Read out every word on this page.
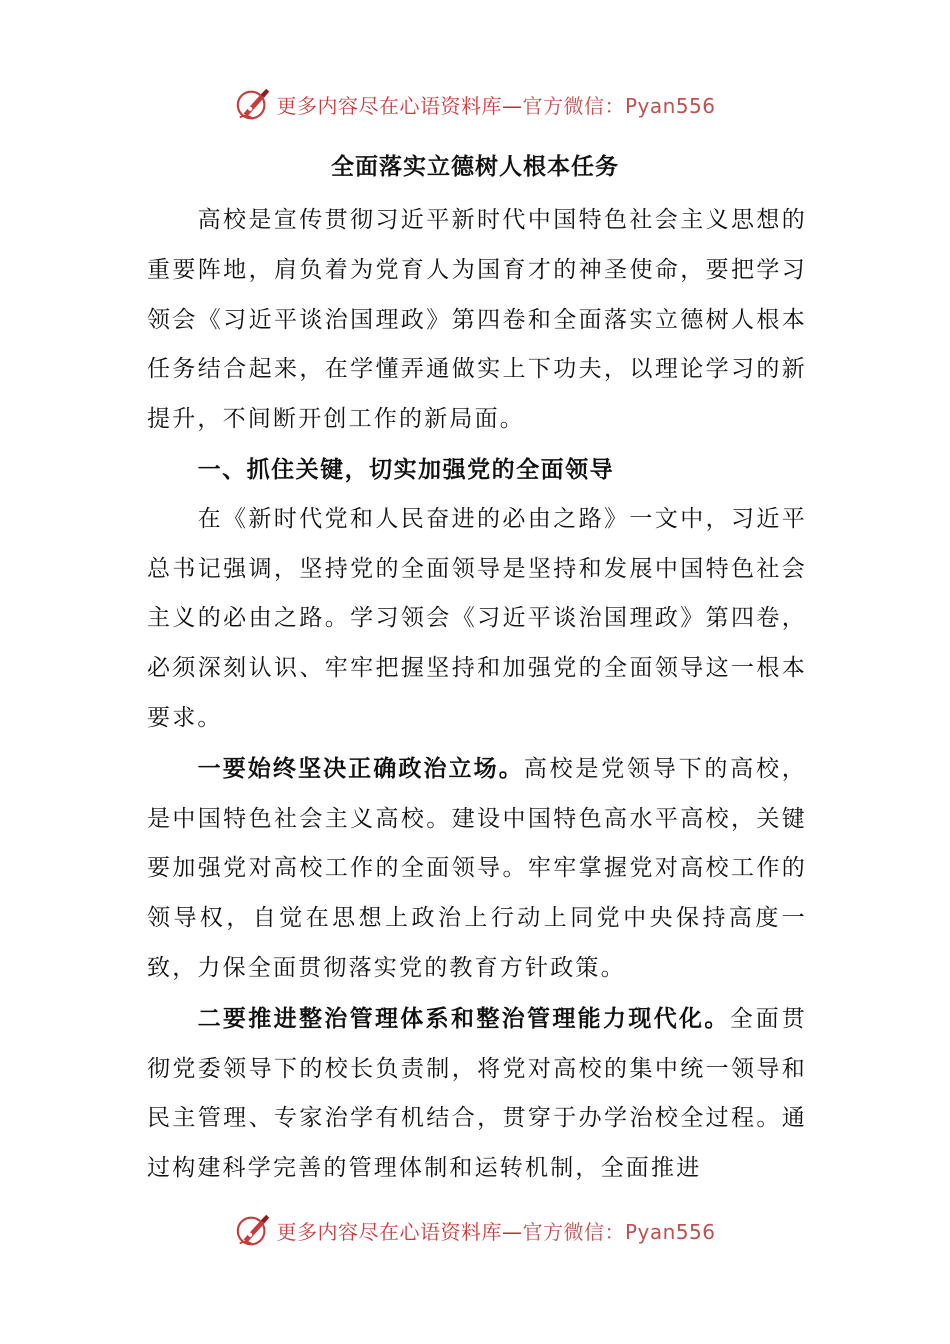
更多内容尽在心语资料库—官方微信：Pyan556
全面落实立德树人根本任务

高校是宣传贯彻习近平新时代中国特色社会主义思想的重要阵地，肩负着为党育人为国育才的神圣使命，要把学习领会《习近平谈治国理政》第四卷和全面落实立德树人根本任务结合起来，在学懂弄通做实上下功夫，以理论学习的新提升，不间断开创工作的新局面。

一、抓住关键，切实加强党的全面领导

在《新时代党和人民奋进的必由之路》一文中，习近平总书记强调，坚持党的全面领导是坚持和发展中国特色社会主义的必由之路。学习领会《习近平谈治国理政》第四卷，必须深刻认识、牢牢把握坚持和加强党的全面领导这一根本要求。

一要始终坚决正确政治立场。高校是党领导下的高校，是中国特色社会主义高校。建设中国特色高水平高校，关键要加强党对高校工作的全面领导。牢牢掌握党对高校工作的领导权，自觉在思想上政治上行动上同党中央保持高度一致，力保全面贯彻落实党的教育方针政策。

二要推进整治管理体系和整治管理能力现代化。全面贯彻党委领导下的校长负责制，将党对高校的集中统一领导和民主管理、专家治学有机结合，贯穿于办学治校全过程。通过构建科学完善的管理体制和运转机制，全面推进

更多内容尽在心语资料库—官方微信：Pyan556
